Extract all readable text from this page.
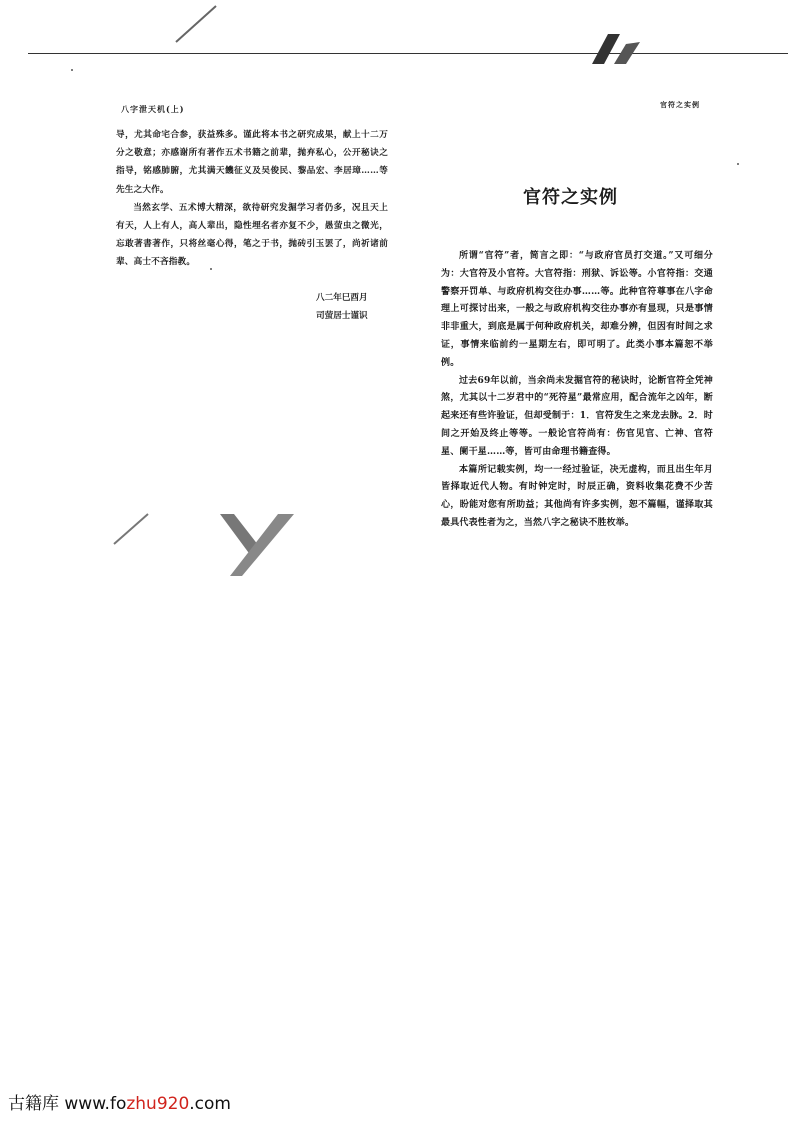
八字泄天机(上)

导，尤其命宅合参，获益殊多。谨此将本书之研究成果，献上十二万分之敬意；亦感谢所有著作五术书籍之前辈，抛弃私心，公开秘诀之指导，铭感肺腑，尤其满天饑征义及吴俊民、黎品宏、李居璋……等先生之大作。

当然玄学、五术博大精深，欲待研究发掘学习者仍多，况且天上有天，人上有人，高人辈出，隐性埋名者亦复不少，愚萤虫之微光，忘敢著書著作，只将丝毫心得，笔之于书，抛砖引玉罢了，尚祈诸前辈、高士不吝指教。

八二年巳酉月
司萤居士谨识
官符之实例
官符之实例

所谓“官符”者，简言之即：“与政府官员打交道。”又可细分为：大官符及小官符。大官符指：刑狱、诉讼等。小官符指：交通警察开罚单、与政府机构交往办事……等。此种官符尊事在八字命理上可探讨出来，一般之与政府机构交往办事亦有显现，只是事情非非重大，到底是属于何种政府机关，却难分辨，但因有时间之求证，事情来临前约一星期左右，即可明了。此类小事本篇恕不举例。

过去69年以前，当余尚未发掘官符的秘诀时，论断官符全凭神煞，尤其以十二岁君中的“死符星”最常应用，配合流年之凶年，断起来还有些许验证，但却受制于：1．官符发生之来龙去脉。2．时间之开始及终止等等。一般论官符尚有：伤官见官、亡神、官符星、阑干星……等，皆可由命理书籍查得。

本篇所记载实例，均一一经过验证，决无虚构，而且出生年月皆择取近代人物。有时钟定时，时辰正确，资料收集花费不少苦心，盼能对您有所助益；其他尚有许多实例，恕不篇幅，谨择取其最具代表性者为之，当然八字之秘诀不胜枚举。

古籍库 www.fozhu920.com
